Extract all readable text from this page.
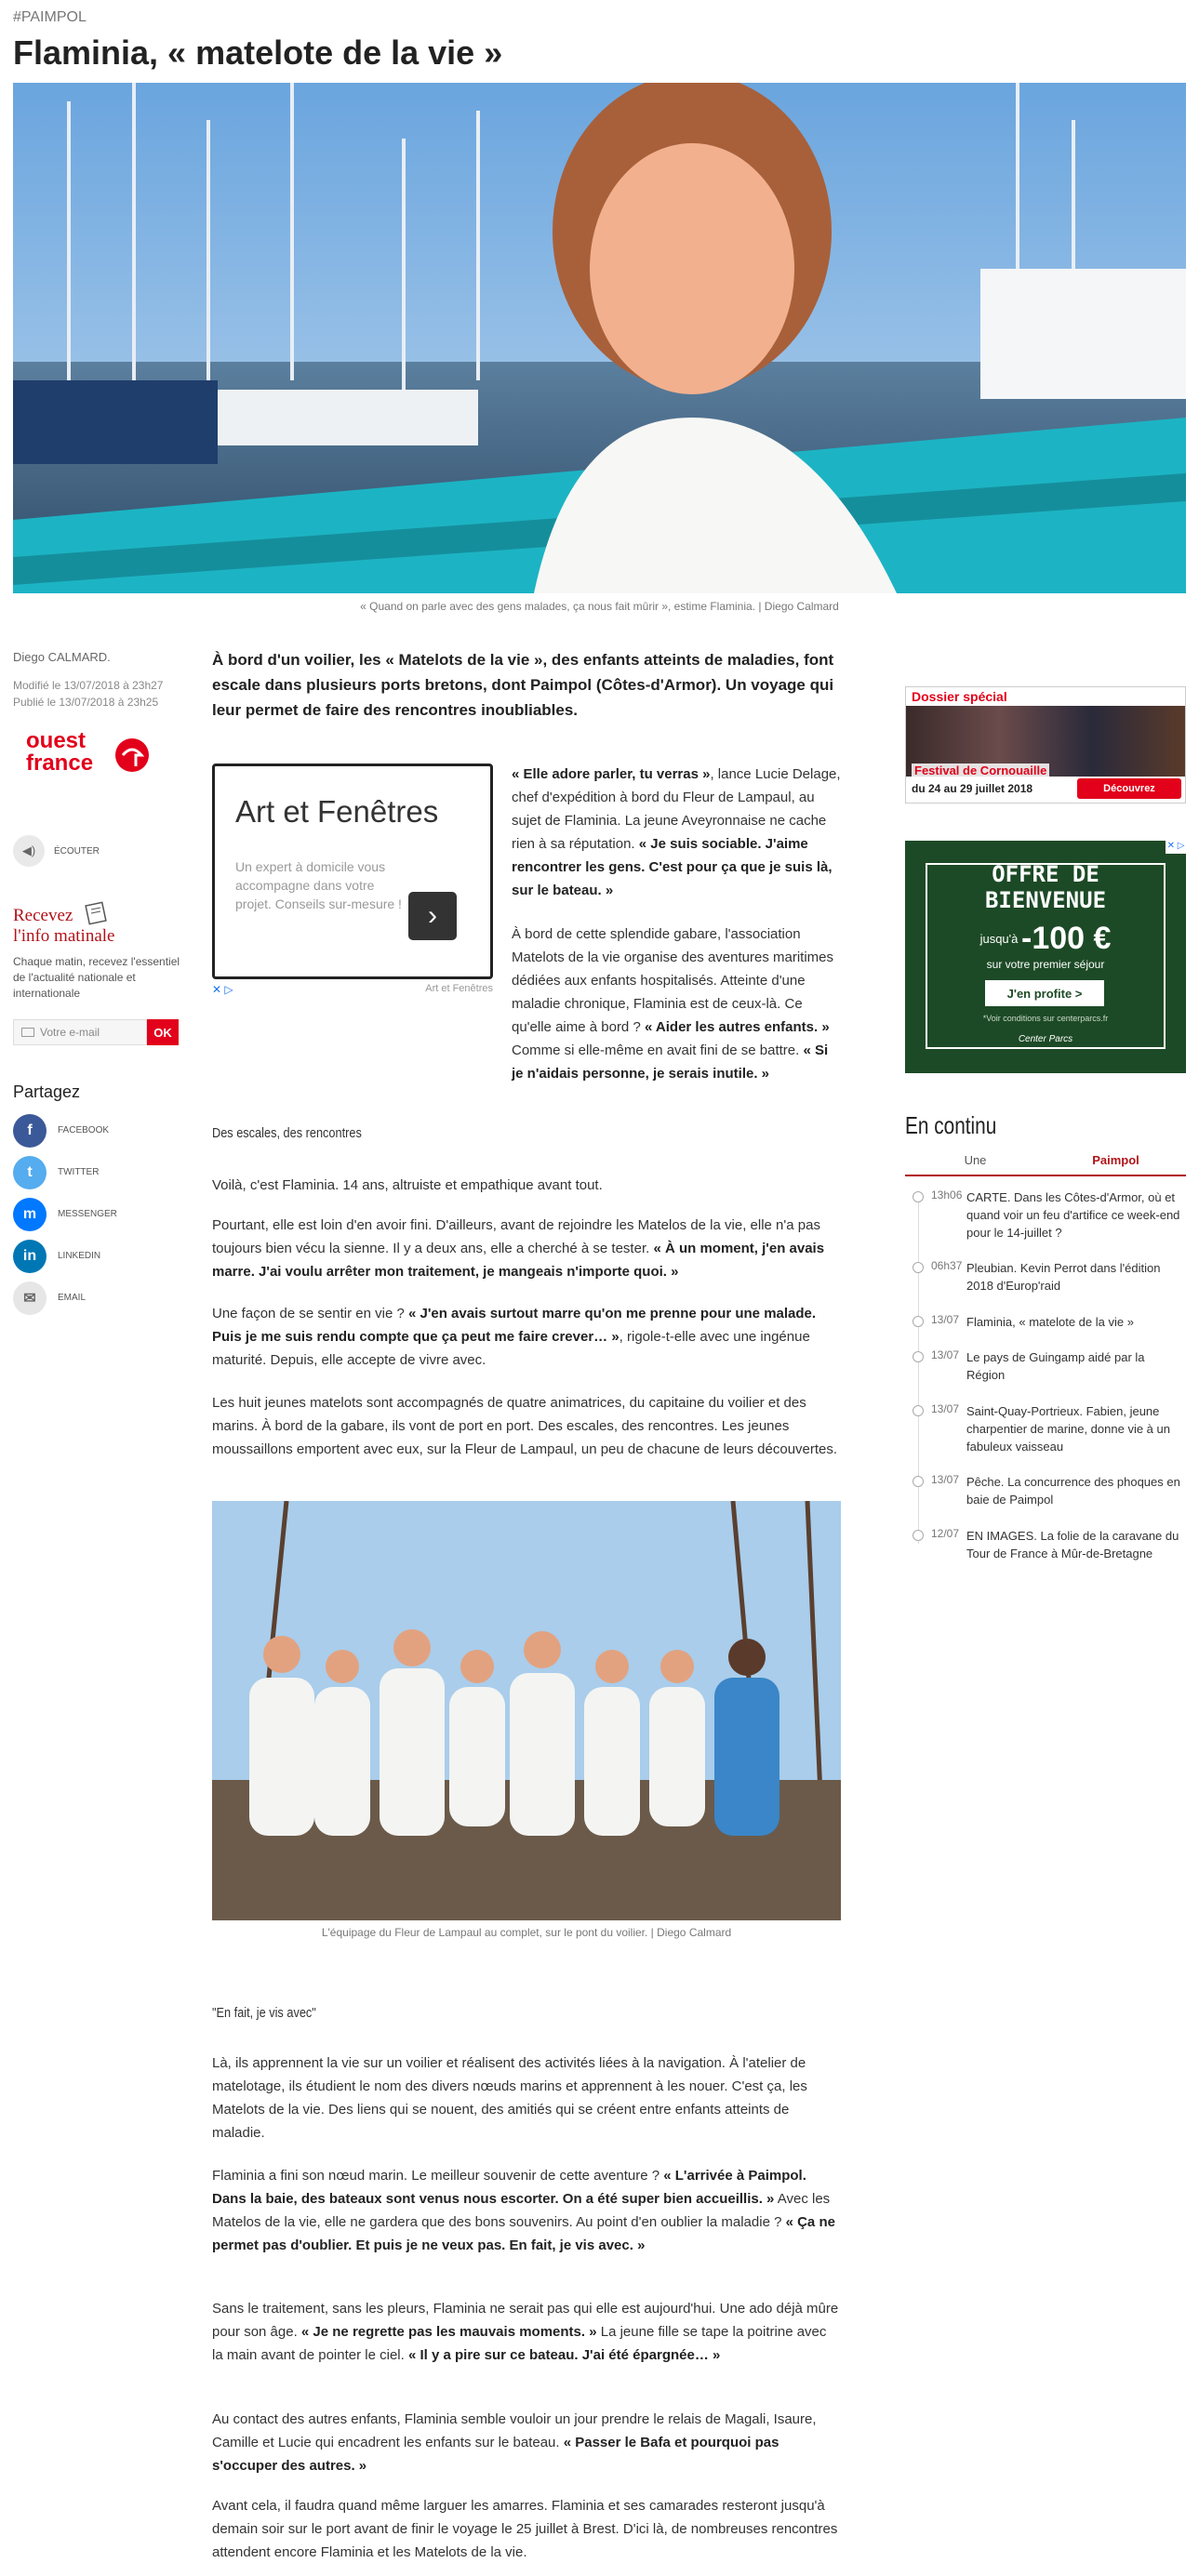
#PAIMPOL
Flaminia, « matelote de la vie »
« Quand on parle avec des gens malades, ça nous fait mûrir », estime Flaminia. | Diego Calmard
Diego CALMARD.
Modifié le 13/07/2018 à 23h27
Publié le 13/07/2018 à 23h25
ouest
france
◀)	ÉCOUTER
Recevez
l'info matinale
Chaque matin, recevez l'essentiel de l'actualité nationale et internationale
Votre e-mail	OK
Partagez
f	FACEBOOK
t	TWITTER
m	MESSENGER
in	LINKEDIN
✉	EMAIL

À bord d'un voilier, les « Matelots de la vie », des enfants atteints de maladies, font escale dans plusieurs ports bretons, dont Paimpol (Côtes-d'Armor). Un voyage qui leur permet de faire des rencontres inoubliables.

Art et Fenêtres
Un expert à domicile vous accompagne dans votre projet. Conseils sur-mesure ! ›
✕ ▷	Art et Fenêtres

« Elle adore parler, tu verras », lance Lucie Delage, chef d'expédition à bord du Fleur de Lampaul, au sujet de Flaminia. La jeune Aveyronnaise ne cache rien à sa réputation. « Je suis sociable. J'aime rencontrer les gens. C'est pour ça que je suis là, sur le bateau. »

À bord de cette splendide gabare, l'association Matelots de la vie organise des aventures maritimes dédiées aux enfants hospitalisés. Atteinte d'une maladie chronique, Flaminia est de ceux-là. Ce qu'elle aime à bord ? « Aider les autres enfants. » Comme si elle-même en avait fini de se battre. « Si je n'aidais personne, je serais inutile. »

Des escales, des rencontres

Voilà, c'est Flaminia. 14 ans, altruiste et empathique avant tout.

Pourtant, elle est loin d'en avoir fini. D'ailleurs, avant de rejoindre les Matelos de la vie, elle n'a pas toujours bien vécu la sienne. Il y a deux ans, elle a cherché à se tester. « À un moment, j'en avais marre. J'ai voulu arrêter mon traitement, je mangeais n'importe quoi. »

Une façon de se sentir en vie ? « J'en avais surtout marre qu'on me prenne pour une malade. Puis je me suis rendu compte que ça peut me faire crever… », rigole-t-elle avec une ingénue maturité. Depuis, elle accepte de vivre avec.

Les huit jeunes matelots sont accompagnés de quatre animatrices, du capitaine du voilier et des marins. À bord de la gabare, ils vont de port en port. Des escales, des rencontres. Les jeunes moussaillons emportent avec eux, sur la Fleur de Lampaul, un peu de chacune de leurs découvertes.

L'équipage du Fleur de Lampaul au complet, sur le pont du voilier. | Diego Calmard
"En fait, je vis avec"

Là, ils apprennent la vie sur un voilier et réalisent des activités liées à la navigation. À l'atelier de matelotage, ils étudient le nom des divers nœuds marins et apprennent à les nouer. C'est ça, les Matelots de la vie. Des liens qui se nouent, des amitiés qui se créent entre enfants atteints de maladie.

Flaminia a fini son nœud marin. Le meilleur souvenir de cette aventure ? « L'arrivée à Paimpol. Dans la baie, des bateaux sont venus nous escorter. On a été super bien accueillis. » Avec les Matelos de la vie, elle ne gardera que des bons souvenirs. Au point d'en oublier la maladie ? « Ça ne permet pas d'oublier. Et puis je ne veux pas. En fait, je vis avec. »

Sans le traitement, sans les pleurs, Flaminia ne serait pas qui elle est aujourd'hui. Une ado déjà mûre pour son âge. « Je ne regrette pas les mauvais moments. » La jeune fille se tape la poitrine avec la main avant de pointer le ciel. « Il y a pire sur ce bateau. J'ai été épargnée… »

Au contact des autres enfants, Flaminia semble vouloir un jour prendre le relais de Magali, Isaure, Camille et Lucie qui encadrent les enfants sur le bateau. « Passer le Bafa et pourquoi pas s'occuper des autres. »

Avant cela, il faudra quand même larguer les amarres. Flaminia et ses camarades resteront jusqu'à demain soir sur le port avant de finir le voyage le 25 juillet à Brest. D'ici là, de nombreuses rencontres attendent encore Flaminia et les Matelots de la vie.

Dossier spécial
Festival de Cornouaille
du 24 au 29 juillet 2018	Découvrez
OFFRE DE
BIENVENUE
jusqu'à -100 €
sur votre premier séjour
J'en profite >
*Voir conditions sur centerparcs.fr
Center Parcs
✕ ▷
En continu
Une	Paimpol
13h06 CARTE. Dans les Côtes-d'Armor, où et quand voir un feu d'artifice ce week-end pour le 14-juillet ?
06h37 Pleubian. Kevin Perrot dans l'édition 2018 d'Europ'raid
13/07 Flaminia, « matelote de la vie »
13/07 Le pays de Guingamp aidé par la Région
13/07 Saint-Quay-Portrieux. Fabien, jeune charpentier de marine, donne vie à un fabuleux vaisseau
13/07 Pêche. La concurrence des phoques en baie de Paimpol
12/07 EN IMAGES. La folie de la caravane du Tour de France à Mûr-de-Bretagne
